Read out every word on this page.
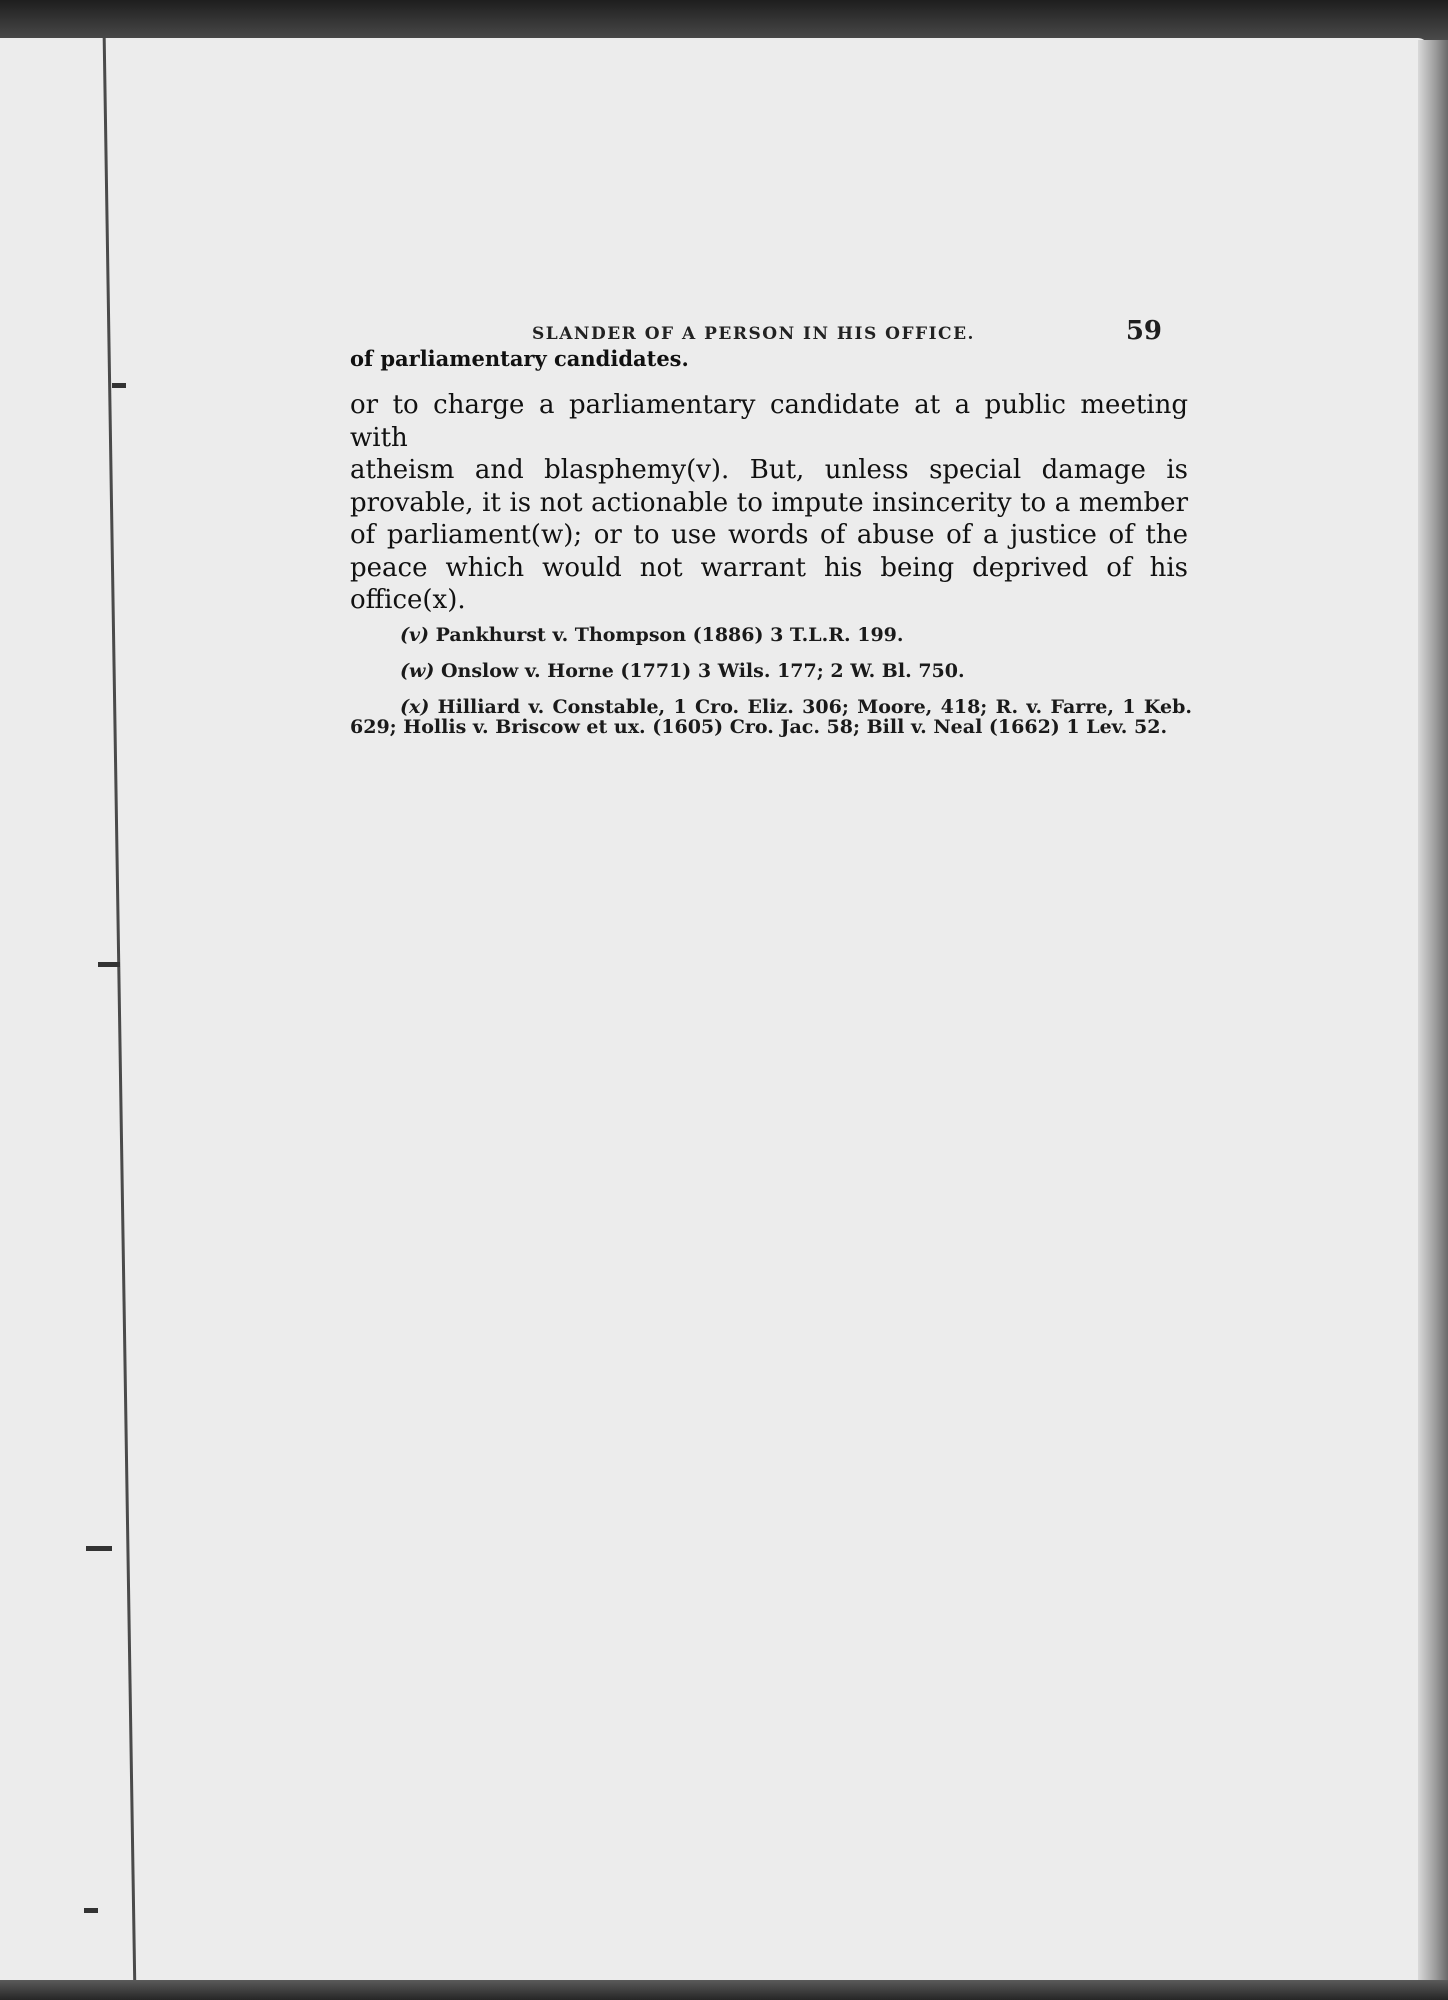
SLANDER OF A PERSON IN HIS OFFICE.	59
of parliamentary candidates.
or to charge a parliamentary candidate at a public meeting with
atheism and blasphemy(v). But, unless special damage is
provable, it is not actionable to impute insincerity to a member
of parliament(w); or to use words of abuse of a justice of the
peace which would not warrant his being deprived of his
office(x).
(v) Pankhurst v. Thompson (1886) 3 T.L.R. 199.
(w) Onslow v. Horne (1771) 3 Wils. 177; 2 W. Bl. 750.
(x) Hilliard v. Constable, 1 Cro. Eliz. 306; Moore, 418; R. v. Farre, 1 Keb. 629; Hollis v. Briscow et ux. (1605) Cro. Jac. 58; Bill v. Neal (1662) 1 Lev. 52.
